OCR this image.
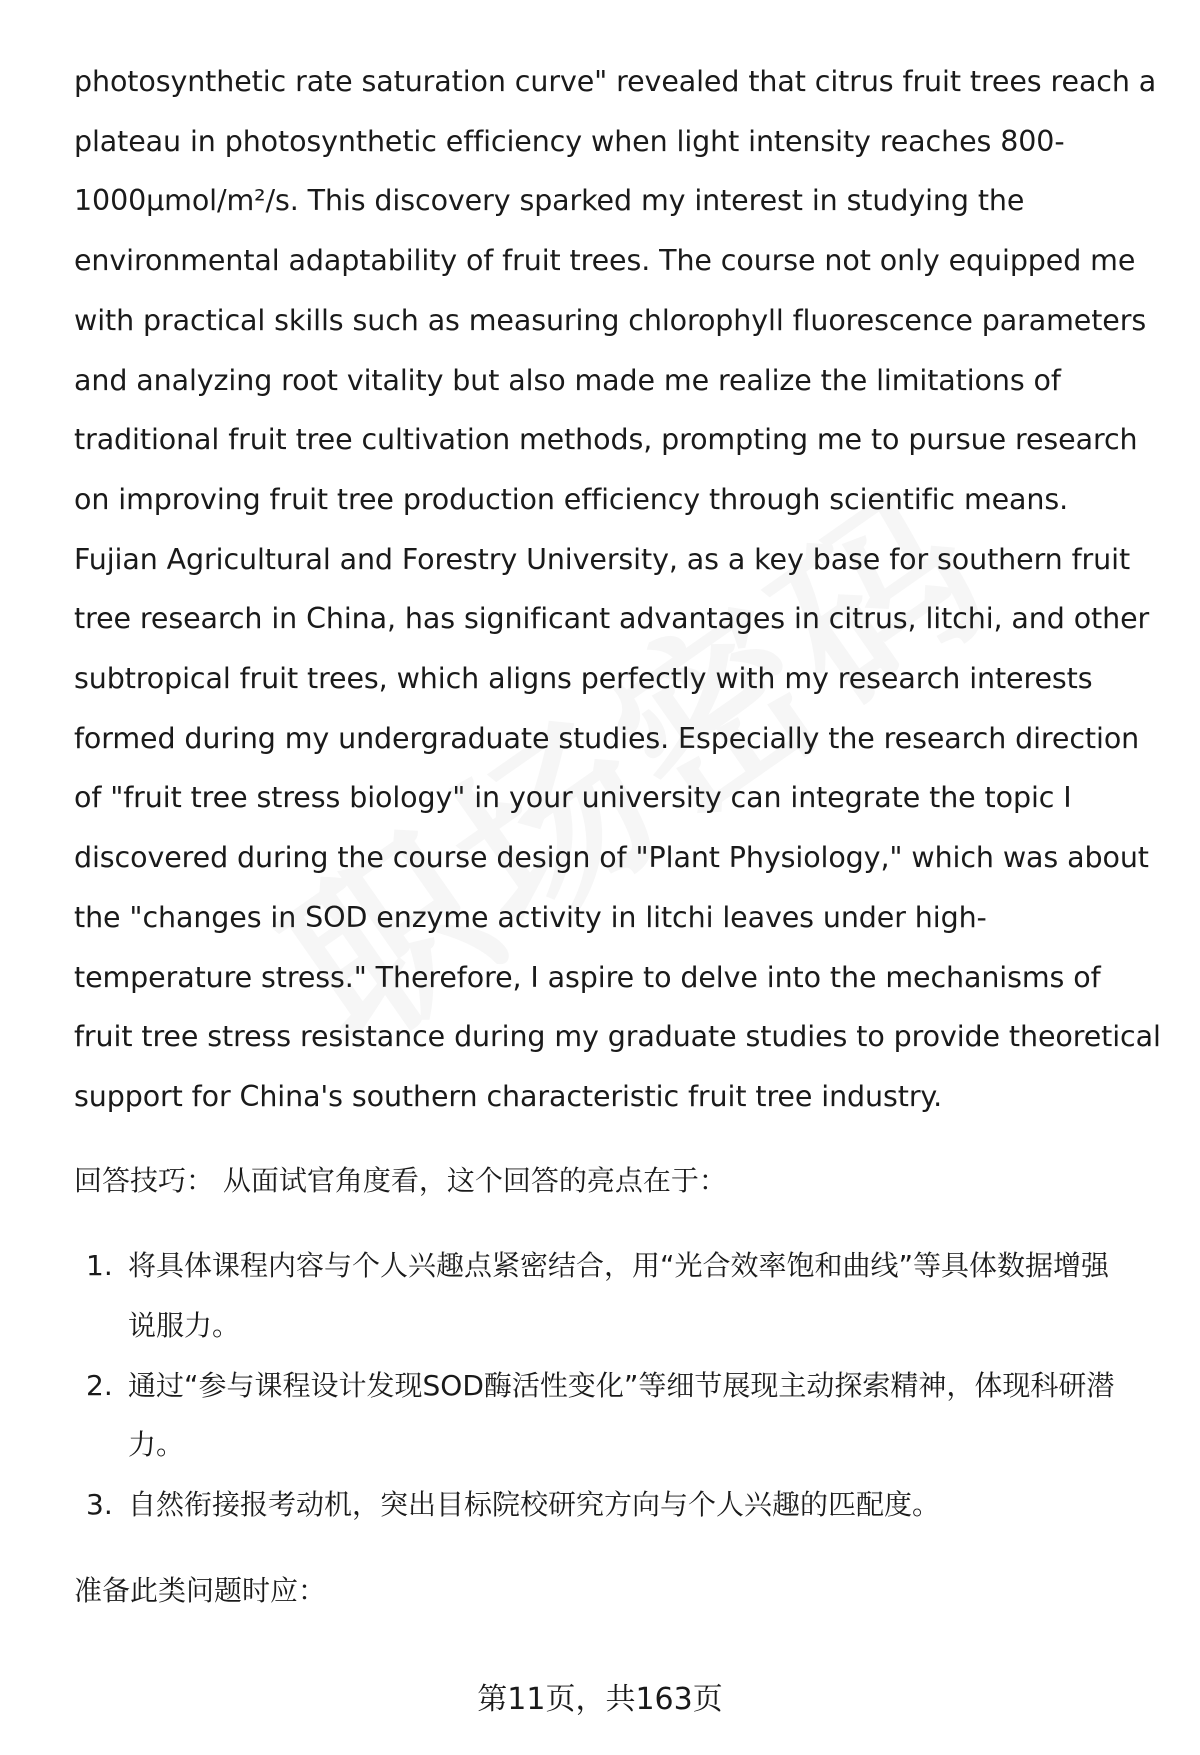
photosynthetic rate saturation curve" revealed that citrus fruit trees reach a
plateau in photosynthetic efficiency when light intensity reaches 800-
1000μmol/m²/s. This discovery sparked my interest in studying the
environmental adaptability of fruit trees. The course not only equipped me
with practical skills such as measuring chlorophyll fluorescence parameters
and analyzing root vitality but also made me realize the limitations of
traditional fruit tree cultivation methods, prompting me to pursue research
on improving fruit tree production efficiency through scientific means.
Fujian Agricultural and Forestry University, as a key base for southern fruit
tree research in China, has significant advantages in citrus, litchi, and other
subtropical fruit trees, which aligns perfectly with my research interests
formed during my undergraduate studies. Especially the research direction
of "fruit tree stress biology" in your university can integrate the topic I
discovered during the course design of "Plant Physiology," which was about
the "changes in SOD enzyme activity in litchi leaves under high-
temperature stress." Therefore, I aspire to delve into the mechanisms of
fruit tree stress resistance during my graduate studies to provide theoretical
support for China's southern characteristic fruit tree industry.

回答技巧： 从面试官角度看，这个回答的亮点在于：

1. 将具体课程内容与个人兴趣点紧密结合，用“光合效率饱和曲线”等具体数据增强说服力。
2. 通过“参与课程设计发现SOD酶活性变化”等细节展现主动探索精神，体现科研潜力。
3. 自然衔接报考动机，突出目标院校研究方向与个人兴趣的匹配度。

准备此类问题时应：

第11页，共163页
